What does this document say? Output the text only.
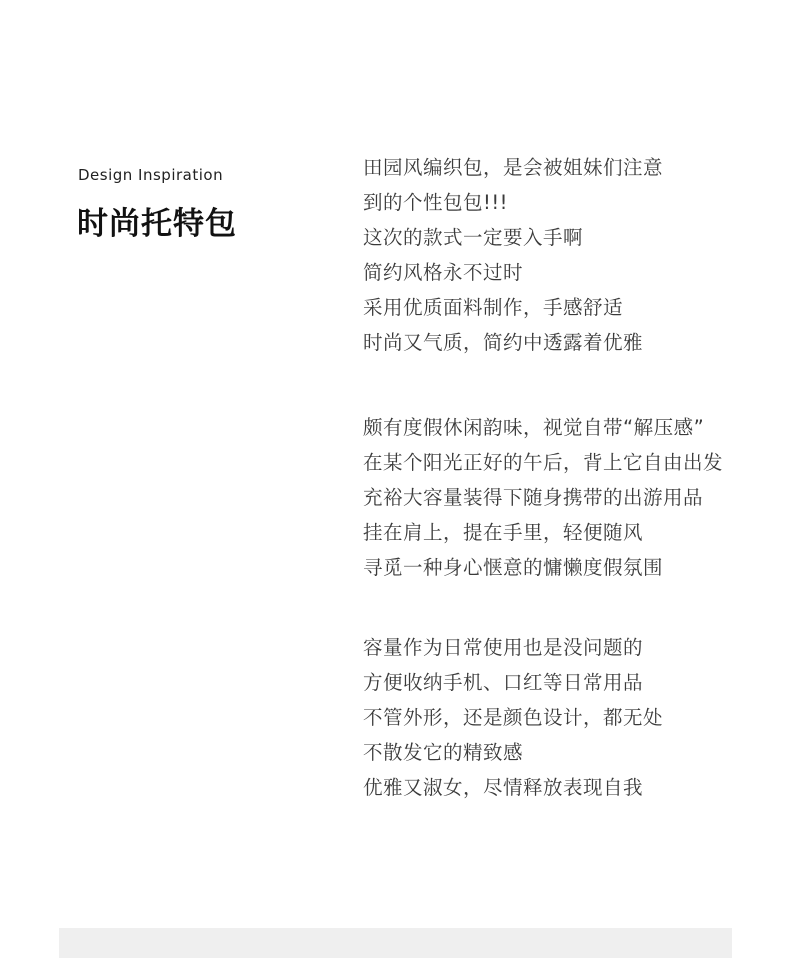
Design Inspiration
时尚托特包
田园风编织包，是会被姐妹们注意
到的个性包包!!!
这次的款式一定要入手啊
简约风格永不过时
采用优质面料制作，手感舒适
时尚又气质，简约中透露着优雅
颇有度假休闲韵味，视觉自带“解压感”
在某个阳光正好的午后，背上它自由出发
充裕大容量装得下随身携带的出游用品
挂在肩上，提在手里，轻便随风
寻觅一种身心惬意的慵懒度假氛围
容量作为日常使用也是没问题的
方便收纳手机、口红等日常用品
不管外形，还是颜色设计，都无处
不散发它的精致感
优雅又淑女，尽情释放表现自我
